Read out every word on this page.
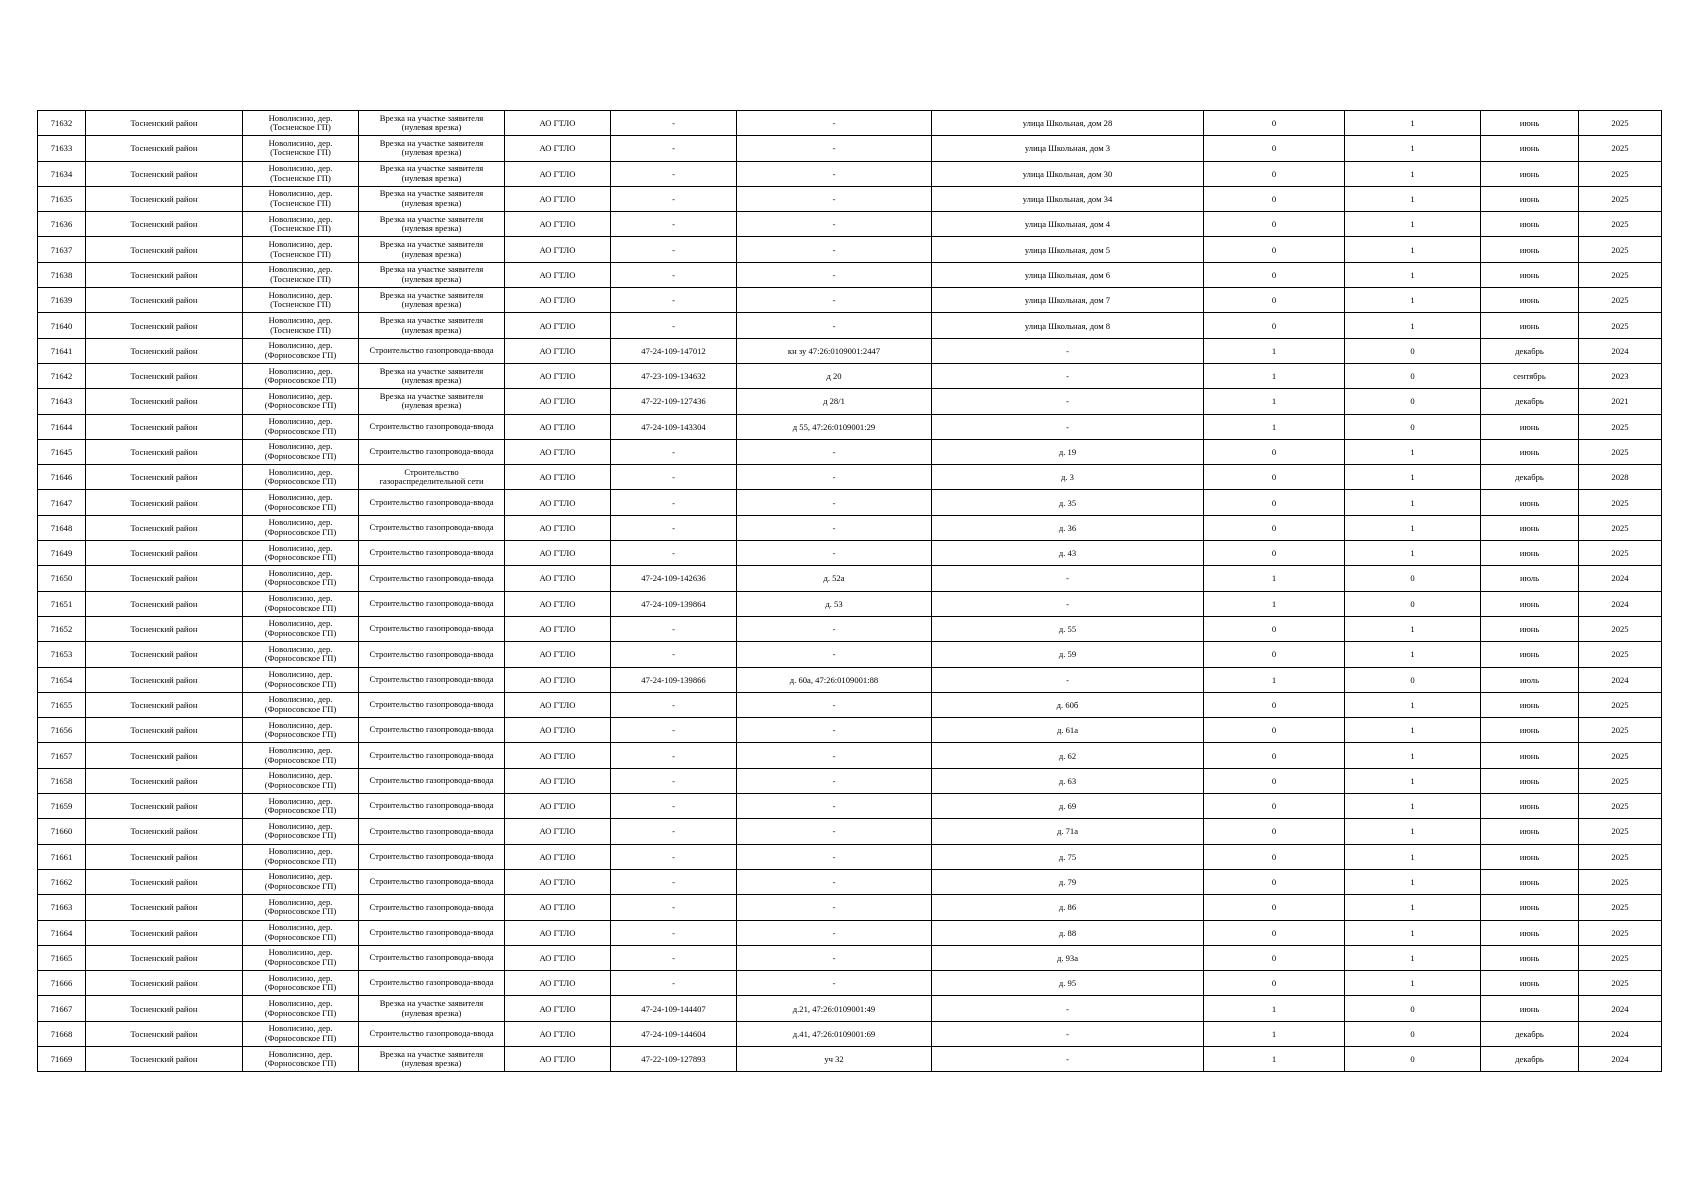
71632	Тосненский район	Новолисино, дер.
(Тосненское ГП)	Врезка на участке заявителя
(нулевая врезка)	АО ГТЛО	-	-	улица Школьная, дом 28	0	1	июнь	2025
71633	Тосненский район	Новолисино, дер.
(Тосненское ГП)	Врезка на участке заявителя
(нулевая врезка)	АО ГТЛО	-	-	улица Школьная, дом 3	0	1	июнь	2025
71634	Тосненский район	Новолисино, дер.
(Тосненское ГП)	Врезка на участке заявителя
(нулевая врезка)	АО ГТЛО	-	-	улица Школьная, дом 30	0	1	июнь	2025
71635	Тосненский район	Новолисино, дер.
(Тосненское ГП)	Врезка на участке заявителя
(нулевая врезка)	АО ГТЛО	-	-	улица Школьная, дом 34	0	1	июнь	2025
71636	Тосненский район	Новолисино, дер.
(Тосненское ГП)	Врезка на участке заявителя
(нулевая врезка)	АО ГТЛО	-	-	улица Школьная, дом 4	0	1	июнь	2025
71637	Тосненский район	Новолисино, дер.
(Тосненское ГП)	Врезка на участке заявителя
(нулевая врезка)	АО ГТЛО	-	-	улица Школьная, дом 5	0	1	июнь	2025
71638	Тосненский район	Новолисино, дер.
(Тосненское ГП)	Врезка на участке заявителя
(нулевая врезка)	АО ГТЛО	-	-	улица Школьная, дом 6	0	1	июнь	2025
71639	Тосненский район	Новолисино, дер.
(Тосненское ГП)	Врезка на участке заявителя
(нулевая врезка)	АО ГТЛО	-	-	улица Школьная, дом 7	0	1	июнь	2025
71640	Тосненский район	Новолисино, дер.
(Тосненское ГП)	Врезка на участке заявителя
(нулевая врезка)	АО ГТЛО	-	-	улица Школьная, дом 8	0	1	июнь	2025
71641	Тосненский район	Новолисино, дер.
(Форносовское ГП)	Строительство газопровода-ввода	АО ГТЛО	47-24-109-147012	кн зу 47:26:0109001:2447	-	1	0	декабрь	2024
71642	Тосненский район	Новолисино, дер.
(Форносовское ГП)	Врезка на участке заявителя
(нулевая врезка)	АО ГТЛО	47-23-109-134632	д 20	-	1	0	сентябрь	2023
71643	Тосненский район	Новолисино, дер.
(Форносовское ГП)	Врезка на участке заявителя
(нулевая врезка)	АО ГТЛО	47-22-109-127436	д 28/1	-	1	0	декабрь	2021
71644	Тосненский район	Новолисино, дер.
(Форносовское ГП)	Строительство газопровода-ввода	АО ГТЛО	47-24-109-143304	д 55, 47:26:0109001:29	-	1	0	июнь	2025
71645	Тосненский район	Новолисино, дер.
(Форносовское ГП)	Строительство газопровода-ввода	АО ГТЛО	-	-	д. 19	0	1	июнь	2025
71646	Тосненский район	Новолисино, дер.
(Форносовское ГП)	Строительство
газораспределительной сети	АО ГТЛО	-	-	д. 3	0	1	декабрь	2028
71647	Тосненский район	Новолисино, дер.
(Форносовское ГП)	Строительство газопровода-ввода	АО ГТЛО	-	-	д. 35	0	1	июнь	2025
71648	Тосненский район	Новолисино, дер.
(Форносовское ГП)	Строительство газопровода-ввода	АО ГТЛО	-	-	д. 36	0	1	июнь	2025
71649	Тосненский район	Новолисино, дер.
(Форносовское ГП)	Строительство газопровода-ввода	АО ГТЛО	-	-	д. 43	0	1	июнь	2025
71650	Тосненский район	Новолисино, дер.
(Форносовское ГП)	Строительство газопровода-ввода	АО ГТЛО	47-24-109-142636	д. 52а	-	1	0	июль	2024
71651	Тосненский район	Новолисино, дер.
(Форносовское ГП)	Строительство газопровода-ввода	АО ГТЛО	47-24-109-139864	д. 53	-	1	0	июнь	2024
71652	Тосненский район	Новолисино, дер.
(Форносовское ГП)	Строительство газопровода-ввода	АО ГТЛО	-	-	д. 55	0	1	июнь	2025
71653	Тосненский район	Новолисино, дер.
(Форносовское ГП)	Строительство газопровода-ввода	АО ГТЛО	-	-	д. 59	0	1	июнь	2025
71654	Тосненский район	Новолисино, дер.
(Форносовское ГП)	Строительство газопровода-ввода	АО ГТЛО	47-24-109-139866	д. 60а, 47:26:0109001:88	-	1	0	июль	2024
71655	Тосненский район	Новолисино, дер.
(Форносовское ГП)	Строительство газопровода-ввода	АО ГТЛО	-	-	д. 60б	0	1	июнь	2025
71656	Тосненский район	Новолисино, дер.
(Форносовское ГП)	Строительство газопровода-ввода	АО ГТЛО	-	-	д. 61а	0	1	июнь	2025
71657	Тосненский район	Новолисино, дер.
(Форносовское ГП)	Строительство газопровода-ввода	АО ГТЛО	-	-	д. 62	0	1	июнь	2025
71658	Тосненский район	Новолисино, дер.
(Форносовское ГП)	Строительство газопровода-ввода	АО ГТЛО	-	-	д. 63	0	1	июнь	2025
71659	Тосненский район	Новолисино, дер.
(Форносовское ГП)	Строительство газопровода-ввода	АО ГТЛО	-	-	д. 69	0	1	июнь	2025
71660	Тосненский район	Новолисино, дер.
(Форносовское ГП)	Строительство газопровода-ввода	АО ГТЛО	-	-	д. 71а	0	1	июнь	2025
71661	Тосненский район	Новолисино, дер.
(Форносовское ГП)	Строительство газопровода-ввода	АО ГТЛО	-	-	д. 75	0	1	июнь	2025
71662	Тосненский район	Новолисино, дер.
(Форносовское ГП)	Строительство газопровода-ввода	АО ГТЛО	-	-	д. 79	0	1	июнь	2025
71663	Тосненский район	Новолисино, дер.
(Форносовское ГП)	Строительство газопровода-ввода	АО ГТЛО	-	-	д. 86	0	1	июнь	2025
71664	Тосненский район	Новолисино, дер.
(Форносовское ГП)	Строительство газопровода-ввода	АО ГТЛО	-	-	д. 88	0	1	июнь	2025
71665	Тосненский район	Новолисино, дер.
(Форносовское ГП)	Строительство газопровода-ввода	АО ГТЛО	-	-	д. 93а	0	1	июнь	2025
71666	Тосненский район	Новолисино, дер.
(Форносовское ГП)	Строительство газопровода-ввода	АО ГТЛО	-	-	д. 95	0	1	июнь	2025
71667	Тосненский район	Новолисино, дер.
(Форносовское ГП)	Врезка на участке заявителя
(нулевая врезка)	АО ГТЛО	47-24-109-144407	д.21, 47:26:0109001:49	-	1	0	июнь	2024
71668	Тосненский район	Новолисино, дер.
(Форносовское ГП)	Строительство газопровода-ввода	АО ГТЛО	47-24-109-144604	д.41, 47:26:0109001:69	-	1	0	декабрь	2024
71669	Тосненский район	Новолисино, дер.
(Форносовское ГП)	Врезка на участке заявителя
(нулевая врезка)	АО ГТЛО	47-22-109-127893	уч 32	-	1	0	декабрь	2024
